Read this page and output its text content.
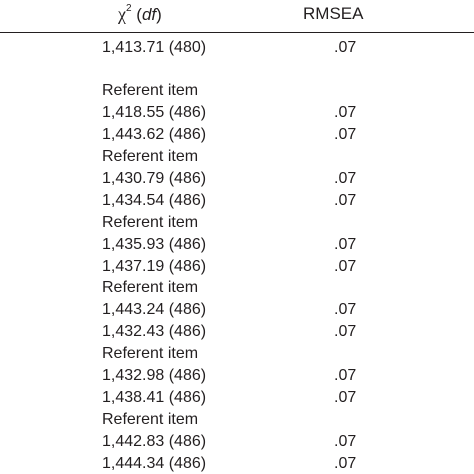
$\chi^2$ (df)	RMSEA
1,413.71 (480)	.07
Referent item
1,418.55 (486)	.07
1,443.62 (486)	.07
Referent item
1,430.79 (486)	.07
1,434.54 (486)	.07
Referent item
1,435.93 (486)	.07
1,437.19 (486)	.07
Referent item
1,443.24 (486)	.07
1,432.43 (486)	.07
Referent item
1,432.98 (486)	.07
1,438.41 (486)	.07
Referent item
1,442.83 (486)	.07
1,444.34 (486)	.07
